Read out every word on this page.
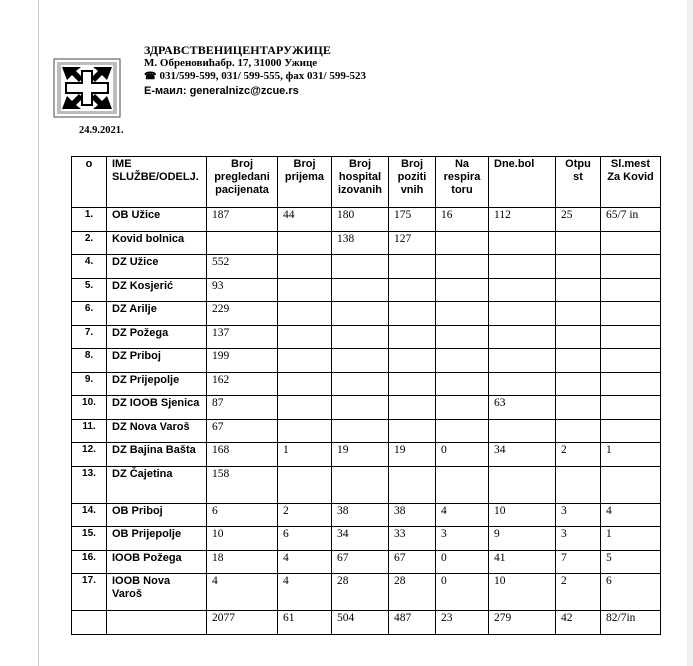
ЗДРАВСТВЕНИЦЕНТАРУЖИЦЕ
М. Обреновићабр. 17, 31000 Ужице
☎ 031/599-599, 031/ 599-555, фах 031/ 599-523
E-маил: generalnizc@zcue.rs
24.9.2021.
o	IME SLUŽBE/ODELJ.	Broj pregledani pacijenata	Broj prijema	Broj hospital izovanih	Broj poziti vnih	Na respira toru	Dne.bol	Otpu st	Sl.mest Za Kovid
1.	OB Užice	187	44	180	175	16	112	25	65/7 in
2.	Kovid bolnica			138	127				
4.	DZ Užice	552							
5.	DZ Kosjerić	93							
6.	DZ Arilje	229							
7.	DZ Požega	137							
8.	DZ Priboj	199							
9.	DZ Prijepolje	162							
10.	DZ IOOB Sjenica	87					63		
11.	DZ Nova Varoš	67							
12.	DZ Bajina Bašta	168	1	19	19	0	34	2	1
13.	DZ Čajetina	158							
14.	OB Priboj	6	2	38	38	4	10	3	4
15.	OB Prijepolje	10	6	34	33	3	9	3	1
16.	IOOB Požega	18	4	67	67	0	41	7	5
17.	IOOB Nova Varoš	4	4	28	28	0	10	2	6
		2077	61	504	487	23	279	42	82/7in
